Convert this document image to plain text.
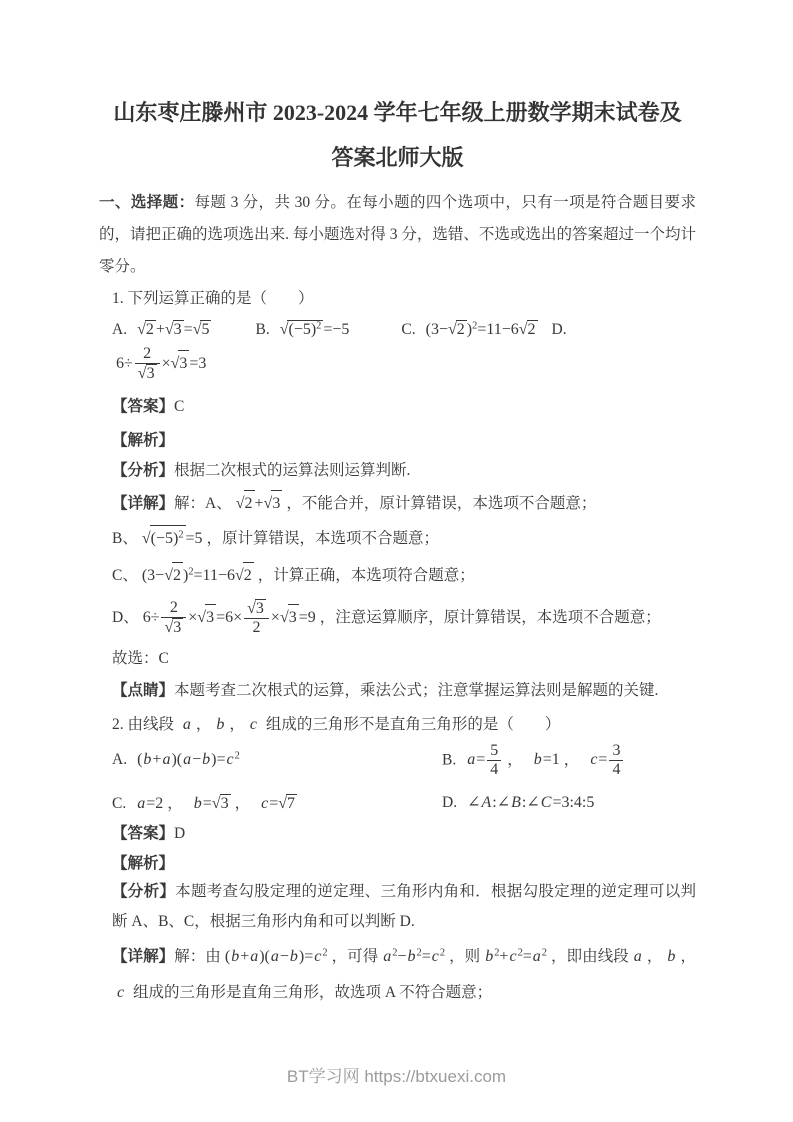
山东枣庄滕州市 2023-2024 学年七年级上册数学期末试卷及
答案北师大版

一、选择题：每题 3 分，共 30 分。在每小题的四个选项中，只有一项是符合题目要求的，请把正确的选项选出来. 每小题选对得 3 分，选错、不选或选出的答案超过一个均计零分。

1. 下列运算正确的是（　　）

A. √2 +√3 =√5	B. $√(-5)^2 =-5$	C. (3−√2 )$^2$=11−6√2	D.

$6\div \frac{2}{√3} \times√3 =3$

【答案】C

【解析】

【分析】根据二次根式的运算法则运算判断.

【详解】解：A、 √2 +√3 ，不能合并，原计算错误，本选项不合题意；

B、 $√(-5)^2 =5$ ，原计算错误，本选项不合题意；

C、 (3−√2 )$^2$=11−6√2 ，计算正确，本选项符合题意；

D、 $6\div \frac{2}{√3} \times√3 =6\times \frac{√3}{2} \times√3 =9$ ，注意运算顺序，原计算错误，本选项不合题意；

故选：C

【点睛】本题考查二次根式的运算，乘法公式；注意掌握运算法则是解题的关键.

2. 由线段 a ， b ， c 组成的三角形不是直角三角形的是（　　）

A. $(b+a)(a-b)=c^2$	B. $a= \frac{5}{4}$ ， b=1 ， $c= \frac{3}{4}$
C. a=2 ， b=√3 ， c=√7	D. ∠A:∠B:∠C=3:4:5

【答案】D

【解析】

【分析】本题考查勾股定理的逆定理、三角形内角和．根据勾股定理的逆定理可以判断 A、B、C，根据三角形内角和可以判断 D.

【详解】解：由 $(b+a)(a-b)=c^2$ ，可得 $a^2-b^2=c^2$ ，则 $b^2+c^2=a^2$ ，即由线段 a ， b ，c 组成的三角形是直角三角形，故选项 A 不符合题意；

BT学习网 https://btxuexi.com
